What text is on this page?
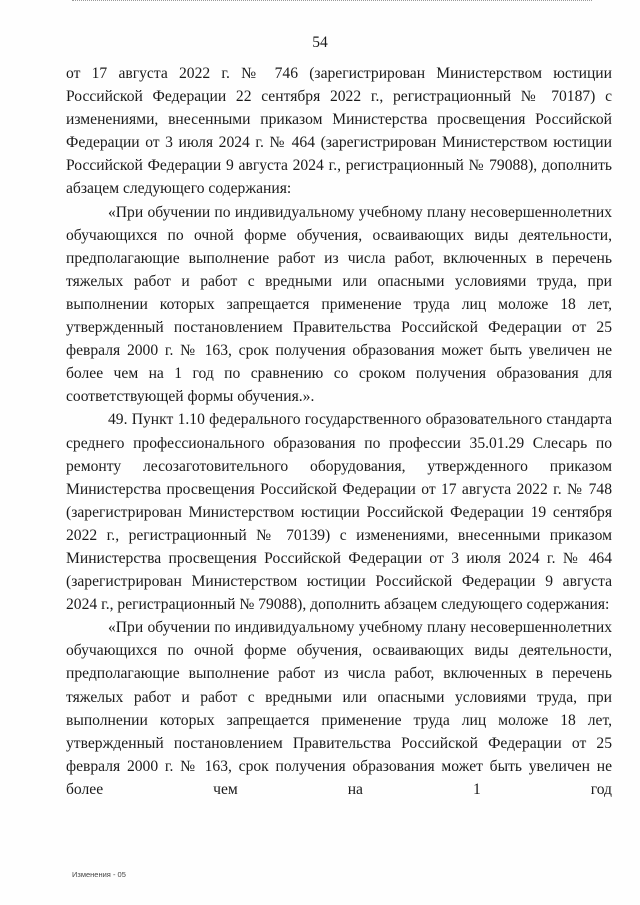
54

от 17 августа 2022 г. № 746 (зарегистрирован Министерством юстиции Российской Федерации 22 сентября 2022 г., регистрационный № 70187) с изменениями, внесенными приказом Министерства просвещения Российской Федерации от 3 июля 2024 г. № 464 (зарегистрирован Министерством юстиции Российской Федерации 9 августа 2024 г., регистрационный № 79088), дополнить абзацем следующего содержания:

«При обучении по индивидуальному учебному плану несовершеннолетних обучающихся по очной форме обучения, осваивающих виды деятельности, предполагающие выполнение работ из числа работ, включенных в перечень тяжелых работ и работ с вредными или опасными условиями труда, при выполнении которых запрещается применение труда лиц моложе 18 лет, утвержденный постановлением Правительства Российской Федерации от 25 февраля 2000 г. № 163, срок получения образования может быть увеличен не более чем на 1 год по сравнению со сроком получения образования для соответствующей формы обучения.».

49. Пункт 1.10 федерального государственного образовательного стандарта среднего профессионального образования по профессии 35.01.29 Слесарь по ремонту лесозаготовительного оборудования, утвержденного приказом Министерства просвещения Российской Федерации от 17 августа 2022 г. № 748 (зарегистрирован Министерством юстиции Российской Федерации 19 сентября 2022 г., регистрационный № 70139) с изменениями, внесенными приказом Министерства просвещения Российской Федерации от 3 июля 2024 г. № 464 (зарегистрирован Министерством юстиции Российской Федерации 9 августа 2024 г., регистрационный № 79088), дополнить абзацем следующего содержания:

«При обучении по индивидуальному учебному плану несовершеннолетних обучающихся по очной форме обучения, осваивающих виды деятельности, предполагающие выполнение работ из числа работ, включенных в перечень тяжелых работ и работ с вредными или опасными условиями труда, при выполнении которых запрещается применение труда лиц моложе 18 лет, утвержденный постановлением Правительства Российской Федерации от 25 февраля 2000 г. № 163, срок получения образования может быть увеличен не более чем на 1 год

Изменения - 05
